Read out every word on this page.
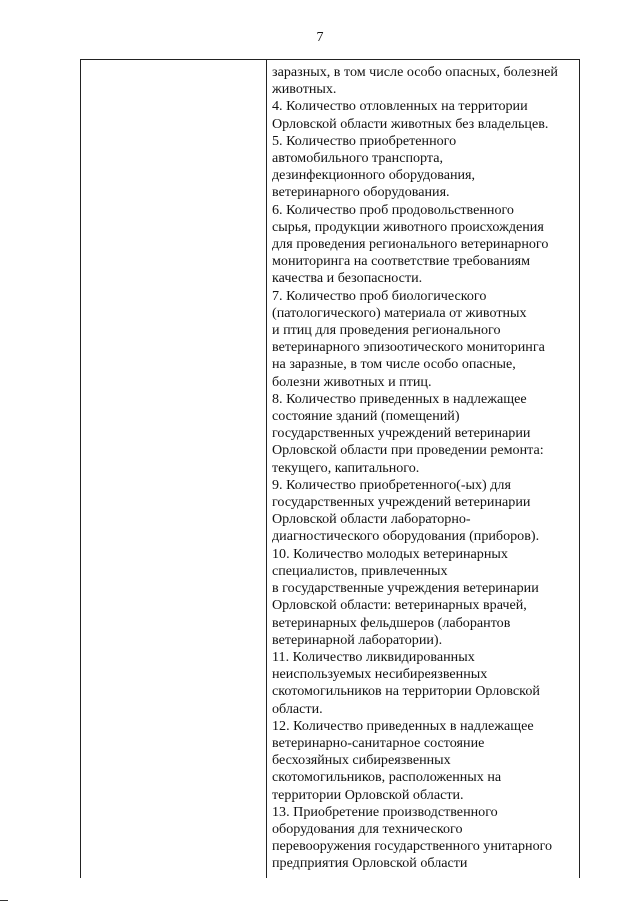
7
заразных, в том числе особо опасных, болезней
животных.
4. Количество отловленных на территории
Орловской области животных без владельцев.
5. Количество приобретенного
автомобильного транспорта,
дезинфекционного оборудования,
ветеринарного оборудования.
6. Количество проб продовольственного
сырья, продукции животного происхождения
для проведения регионального ветеринарного
мониторинга на соответствие требованиям
качества и безопасности.
7. Количество проб биологического
(патологического) материала от животных
и птиц для проведения регионального
ветеринарного эпизоотического мониторинга
на заразные, в том числе особо опасные,
болезни животных и птиц.
8. Количество приведенных в надлежащее
состояние зданий (помещений)
государственных учреждений ветеринарии
Орловской области при проведении ремонта:
текущего, капитального.
9. Количество приобретенного(-ых) для
государственных учреждений ветеринарии
Орловской области лабораторно-
диагностического оборудования (приборов).
10. Количество молодых ветеринарных
специалистов, привлеченных
в государственные учреждения ветеринарии
Орловской области: ветеринарных врачей,
ветеринарных фельдшеров (лаборантов
ветеринарной лаборатории).
11. Количество ликвидированных
неиспользуемых несибиреязвенных
скотомогильников на территории Орловской
области.
12. Количество приведенных в надлежащее
ветеринарно-санитарное состояние
бесхозяйных сибиреязвенных
скотомогильников, расположенных на
территории Орловской области.
13. Приобретение производственного
оборудования для технического
перевооружения государственного унитарного
предприятия Орловской области
